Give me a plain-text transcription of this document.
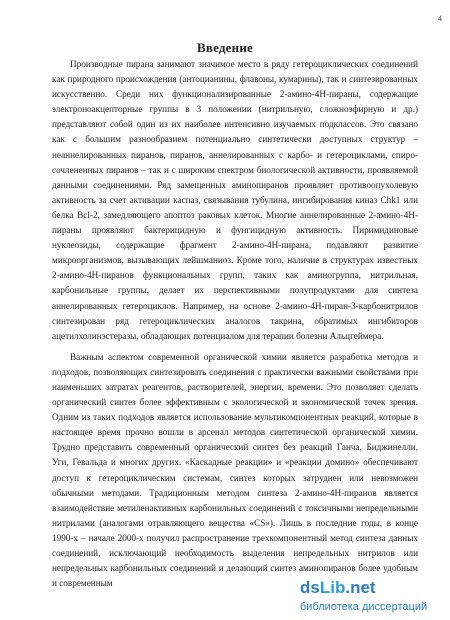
4
Введение

Производные пирана занимают значимое место в ряду гетероциклических соединений как природного происхождения (антоцианины, флавоны, кумарины), так и синтезированных искусственно. Среди них функционализированные 2-амино-4Н-пираны, содержащие электроноакцепторные группы в 3 положении (нитрильную, сложноэфирную и др.) представляют собой один из их наиболее интенсивно изучаемых подклассов. Это связано как с большим разнообразием потенциально синтетически доступных структур – неаннелированных пиранов, пиранов, аннелированных с карбо- и гетероциклами, спиро-сочлененных пиранов – так и с широким спектром биологической активности, проявляемой данными соединениями. Ряд замещенных аминопиранов проявляет противоопухолевую активность за счет активации каспаз, связывания тубулина, ингибирования киназ Chk1 или белка Bcl-2, замедляющего апоптоз раковых клеток. Многие аннелированные 2-амино-4Н-пираны проявляют бактерицидную и фунгицидную активность. Пиримидиновые нуклеозиды, содержащие фрагмент 2-амино-4Н-пирана, подавляют развитие микроорганизмов, вызывающих лейшманиоз. Кроме того, наличие в структурах известных 2-амино-4Н-пиранов функциональных групп, таких как аминогруппа, нитрильная, карбонильные группы, делает их перспективными полупродуктами для синтеза аннелированных гетероциклов. Например, на основе 2-амино-4Н-пиран-3-карбонитрилов синтезирован ряд гетероциклических аналогов такрина, обратимых ингибиторов ацетилхолинэстеразы, обладающих потенциалом для терапии болезни Альцгеймера.

Важным аспектом современной органической химии является разработка методов и подходов, позволяющих синтезировать соединения с практически важными свойствами при наименьших затратах реагентов, растворителей, энергии, времени. Это позволяет сделать органический синтез более эффективным с экологической и экономической точек зрения. Одним из таких подходов является использование мультикомпонентных реакций, которые в настоящее время прочно вошли в арсенал методов синтетической органической химии. Трудно представить современный органический синтез без реакций Ганча, Биджинелли, Уги, Гевальда и многих других. «Каскадные реакции» и «реакции домино» обеспечивают доступ к гетероциклическим системам, синтез которых затруднен или невозможен обычными методами. Традиционным методом синтеза 2-амино-4Н-пиранов является взаимодействие метиленактивных карбонильных соединений с токсичными непредельными нитрилами (аналогами отравляющего вещества «CS»). Лишь в последние годы, в конце 1990-х – начале 2000-х получил распространение трехкомпонентный метод синтеза данных соединений, исключающий необходимость выделения непредельных нитрилов или непредельных карбонильных соединений и делающий синтез аминопиранов более удобным и современным	dsLib.net
библиотека диссертаций
